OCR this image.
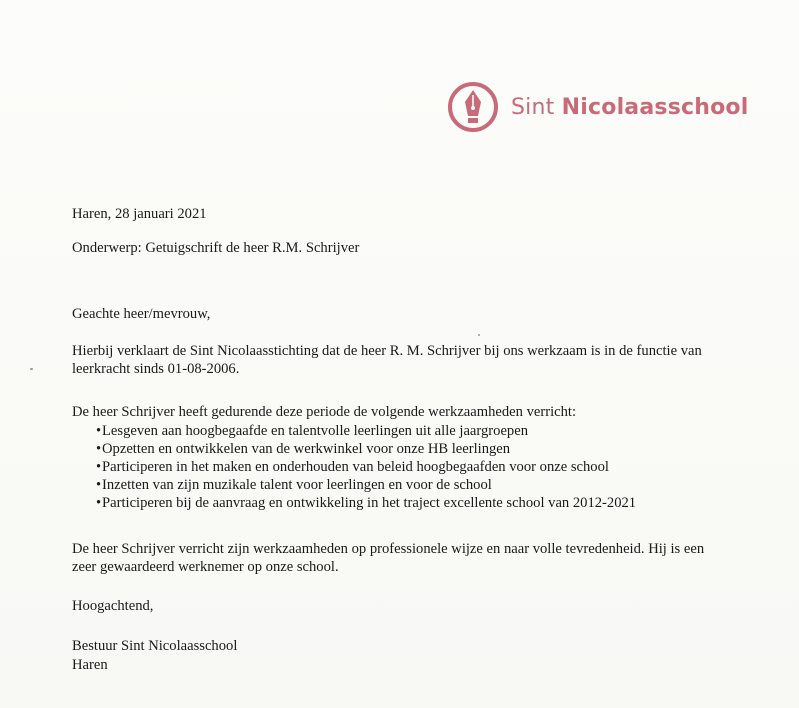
Sint Nicolaasschool
Haren, 28 januari 2021
Onderwerp: Getuigschrift de heer R.M. Schrijver
Geachte heer/mevrouw,
Hierbij verklaart de Sint Nicolaasstichting dat de heer R. M. Schrijver bij ons werkzaam is in de functie van
leerkracht sinds 01-08-2006.
De heer Schrijver heeft gedurende deze periode de volgende werkzaamheden verricht:
• Lesgeven aan hoogbegaafde en talentvolle leerlingen uit alle jaargroepen
• Opzetten en ontwikkelen van de werkwinkel voor onze HB leerlingen
• Participeren in het maken en onderhouden van beleid hoogbegaafden voor onze school
• Inzetten van zijn muzikale talent voor leerlingen en voor de school
• Participeren bij de aanvraag en ontwikkeling in het traject excellente school van 2012-2021
De heer Schrijver verricht zijn werkzaamheden op professionele wijze en naar volle tevredenheid. Hij is een
zeer gewaardeerd werknemer op onze school.
Hoogachtend,
Bestuur Sint Nicolaasschool
Haren
